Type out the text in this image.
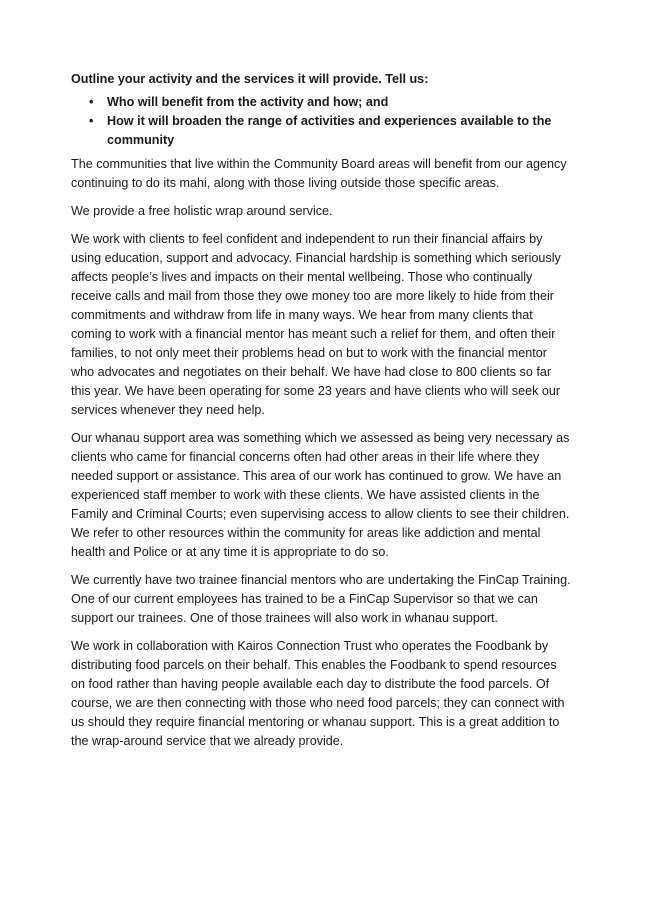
Outline your activity and the services it will provide. Tell us:
• Who will benefit from the activity and how; and
• How it will broaden the range of activities and experiences available to the community

The communities that live within the Community Board areas will benefit from our agency continuing to do its mahi, along with those living outside those specific areas.

We provide a free holistic wrap around service.

We work with clients to feel confident and independent to run their financial affairs by using education, support and advocacy. Financial hardship is something which seriously affects people’s lives and impacts on their mental wellbeing. Those who continually receive calls and mail from those they owe money too are more likely to hide from their commitments and withdraw from life in many ways. We hear from many clients that coming to work with a financial mentor has meant such a relief for them, and often their families, to not only meet their problems head on but to work with the financial mentor who advocates and negotiates on their behalf. We have had close to 800 clients so far this year. We have been operating for some 23 years and have clients who will seek our services whenever they need help.

Our whanau support area was something which we assessed as being very necessary as clients who came for financial concerns often had other areas in their life where they needed support or assistance. This area of our work has continued to grow. We have an experienced staff member to work with these clients. We have assisted clients in the Family and Criminal Courts; even supervising access to allow clients to see their children. We refer to other resources within the community for areas like addiction and mental health and Police or at any time it is appropriate to do so.

We currently have two trainee financial mentors who are undertaking the FinCap Training. One of our current employees has trained to be a FinCap Supervisor so that we can support our trainees. One of those trainees will also work in whanau support.

We work in collaboration with Kairos Connection Trust who operates the Foodbank by distributing food parcels on their behalf. This enables the Foodbank to spend resources on food rather than having people available each day to distribute the food parcels. Of course, we are then connecting with those who need food parcels; they can connect with us should they require financial mentoring or whanau support. This is a great addition to the wrap-around service that we already provide.
